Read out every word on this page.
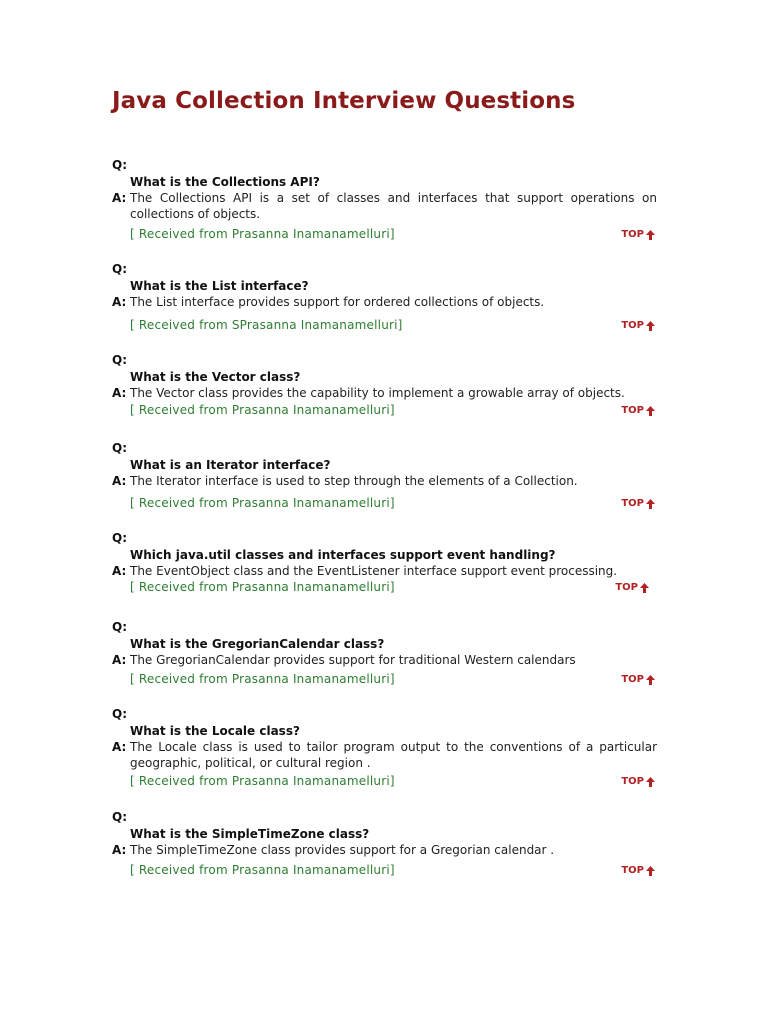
Java Collection Interview Questions
Q:
What is the Collections API?
A: The Collections API is a set of classes and interfaces that support operations on collections of objects.
[ Received from Prasanna Inamanamelluri]	TOP
Q:
What is the List interface?
A: The List interface provides support for ordered collections of objects.
[ Received from SPrasanna Inamanamelluri]	TOP
Q:
What is the Vector class?
A: The Vector class provides the capability to implement a growable array of objects.
[ Received from Prasanna Inamanamelluri]	TOP
Q:
What is an Iterator interface?
A: The Iterator interface is used to step through the elements of a Collection.
[ Received from Prasanna Inamanamelluri]	TOP
Q:
Which java.util classes and interfaces support event handling?
A: The EventObject class and the EventListener interface support event processing.
[ Received from Prasanna Inamanamelluri]	TOP
Q:
What is the GregorianCalendar class?
A: The GregorianCalendar provides support for traditional Western calendars
[ Received from Prasanna Inamanamelluri]	TOP
Q:
What is the Locale class?
A: The Locale class is used to tailor program output to the conventions of a particular geographic, political, or cultural region .
[ Received from Prasanna Inamanamelluri]	TOP
Q:
What is the SimpleTimeZone class?
A: The SimpleTimeZone class provides support for a Gregorian calendar .
[ Received from Prasanna Inamanamelluri]	TOP
